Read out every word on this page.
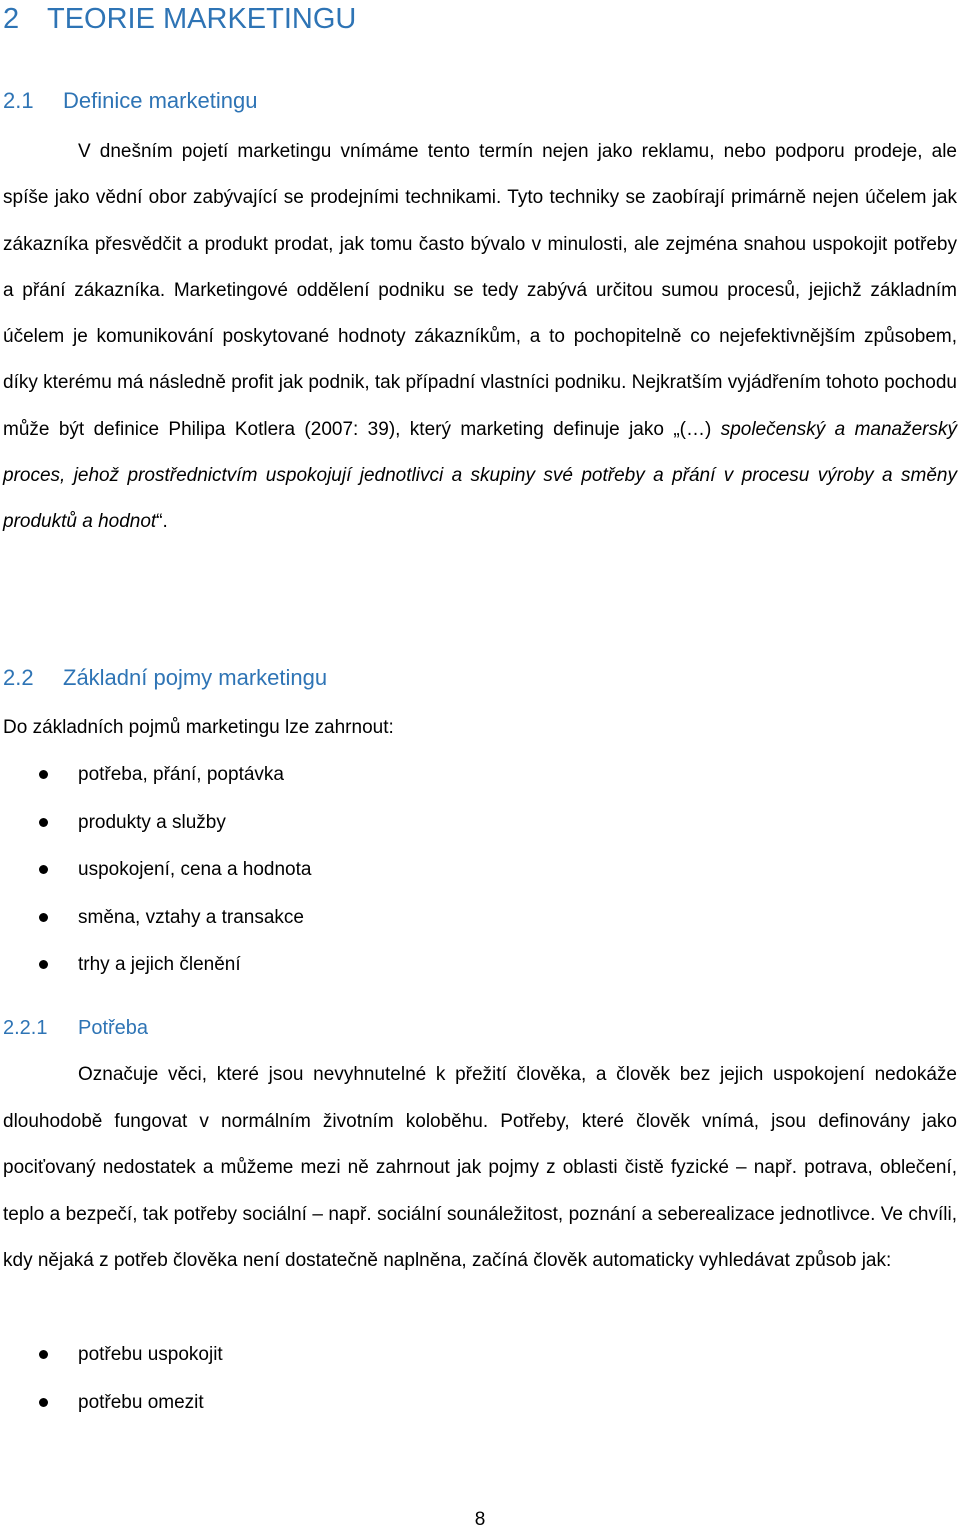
2 TEORIE MARKETINGU
2.1 Definice marketingu

V dnešním pojetí marketingu vnímáme tento termín nejen jako reklamu, nebo podporu prodeje, ale spíše jako vědní obor zabývající se prodejními technikami. Tyto techniky se zaobírají primárně nejen účelem jak zákazníka přesvědčit a produkt prodat, jak tomu často bývalo v minulosti, ale zejména snahou uspokojit potřeby a přání zákazníka. Marketingové oddělení podniku se tedy zabývá určitou sumou procesů, jejichž základním účelem je komunikování poskytované hodnoty zákazníkům, a to pochopitelně co nejefektivnějším způsobem, díky kterému má následně profit jak podnik, tak případní vlastníci podniku. Nejkratším vyjádřením tohoto pochodu může být definice Philipa Kotlera (2007: 39), který marketing definuje jako „(…) společenský a manažerský proces, jehož prostřednictvím uspokojují jednotlivci a skupiny své potřeby a přání v procesu výroby a směny produktů a hodnot“.

2.2 Základní pojmy marketingu

Do základních pojmů marketingu lze zahrnout:

potřeba, přání, poptávka
produkty a služby
uspokojení, cena a hodnota
směna, vztahy a transakce
trhy a jejich členění
2.2.1 Potřeba

Označuje věci, které jsou nevyhnutelné k přežití člověka, a člověk bez jejich uspokojení nedokáže dlouhodobě fungovat v normálním životním koloběhu. Potřeby, které člověk vnímá, jsou definovány jako pociťovaný nedostatek a můžeme mezi ně zahrnout jak pojmy z oblasti čistě fyzické – např. potrava, oblečení, teplo a bezpečí, tak potřeby sociální – např. sociální sounáležitost, poznání a seberealizace jednotlivce. Ve chvíli, kdy nějaká z potřeb člověka není dostatečně naplněna, začíná člověk automaticky vyhledávat způsob jak:

potřebu uspokojit
potřebu omezit
8
